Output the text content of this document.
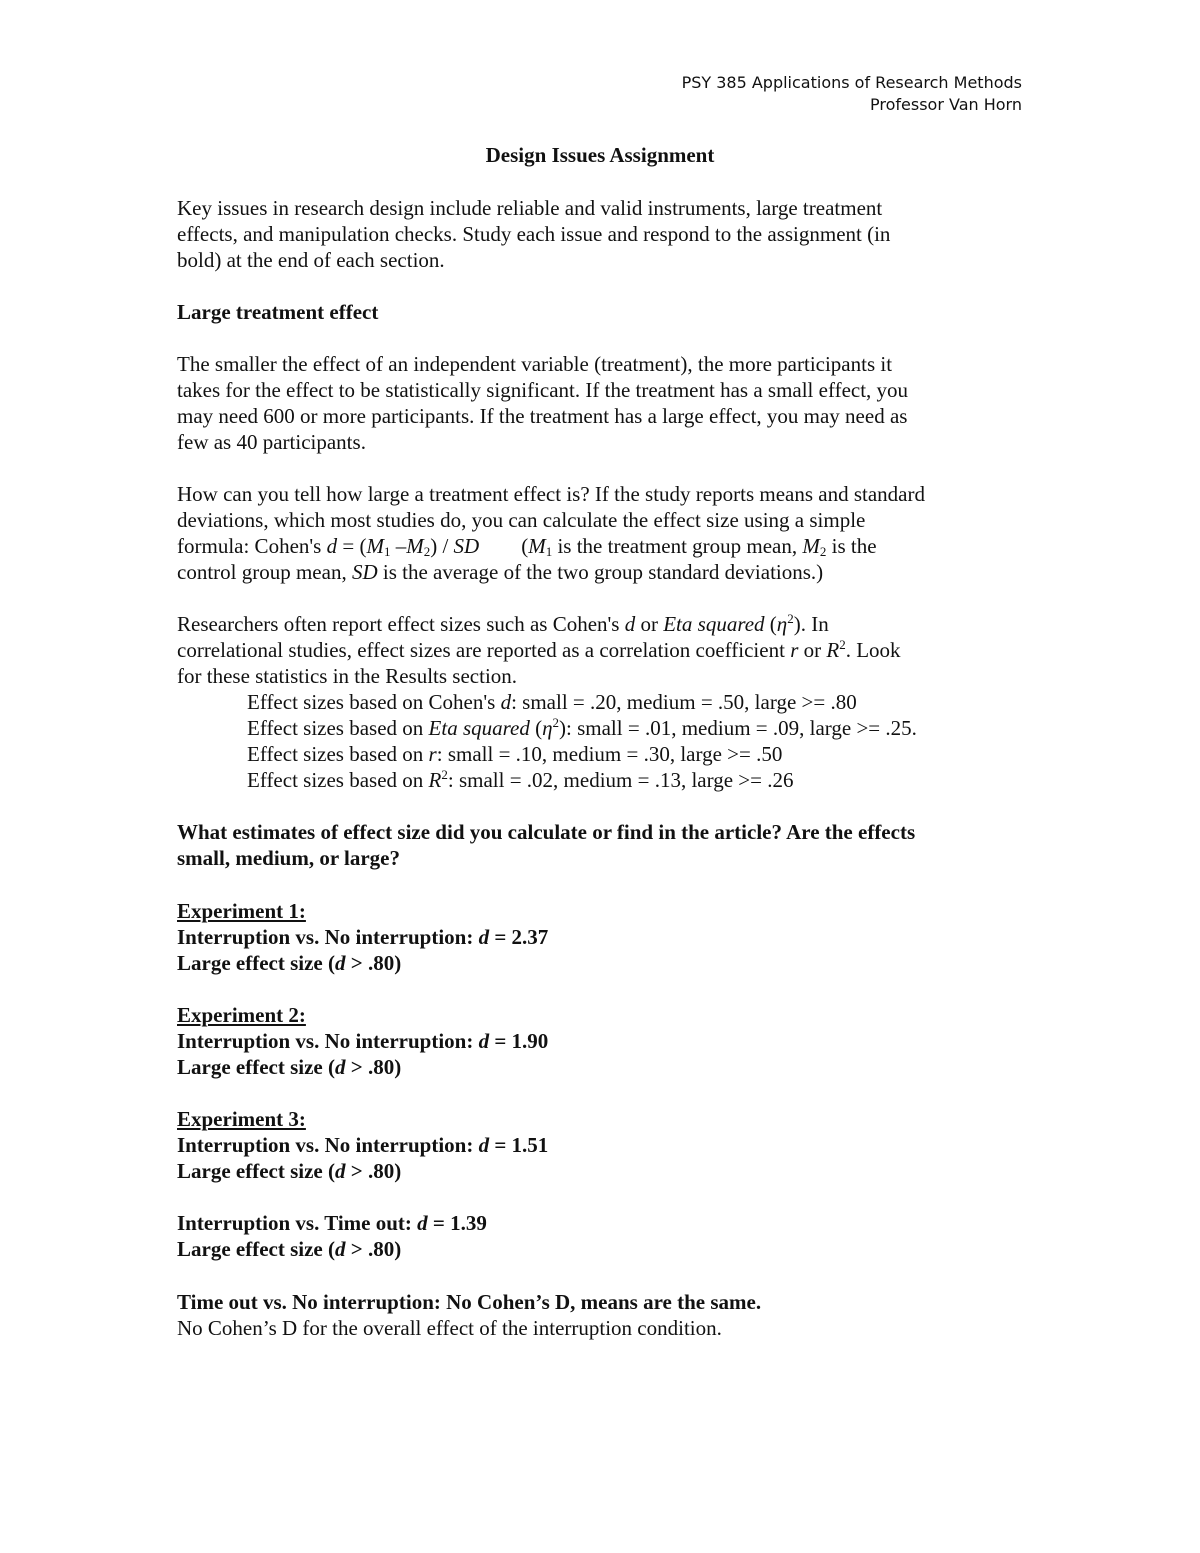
PSY 385 Applications of Research Methods
Professor Van Horn
Design Issues Assignment
Key issues in research design include reliable and valid instruments, large treatment
effects, and manipulation checks. Study each issue and respond to the assignment (in
bold) at the end of each section.
Large treatment effect
The smaller the effect of an independent variable (treatment), the more participants it
takes for the effect to be statistically significant. If the treatment has a small effect, you
may need 600 or more participants. If the treatment has a large effect, you may need as
few as 40 participants.
How can you tell how large a treatment effect is? If the study reports means and standard
deviations, which most studies do, you can calculate the effect size using a simple
formula: Cohen's $d = (M_1$ $-M_2$) / SD ($M_1$ is the treatment group mean, $M_2$ is the
control group mean, SD is the average of the two group standard deviations.)
Researchers often report effect sizes such as Cohen's d or Eta squared $(\eta^2)$. In
correlational studies, effect sizes are reported as a correlation coefficient r or $R^2$. Look
for these statistics in the Results section.
Effect sizes based on Cohen's d: small = .20, medium = .50, large >= .80
Effect sizes based on Eta squared $(\eta^2)$: small = .01, medium = .09, large >= .25.
Effect sizes based on r: small = .10, medium = .30, large >= .50
Effect sizes based on $R^2$: small = .02, medium = .13, large >= .26
What estimates of effect size did you calculate or find in the article? Are the effects
small, medium, or large?
Experiment 1:
Interruption vs. No interruption: d = 2.37
Large effect size (d > .80)
Experiment 2:
Interruption vs. No interruption: d = 1.90
Large effect size (d > .80)
Experiment 3:
Interruption vs. No interruption: d = 1.51
Large effect size (d > .80)
Interruption vs. Time out: d = 1.39
Large effect size (d > .80)
Time out vs. No interruption: No Cohen’s D, means are the same.
No Cohen’s D for the overall effect of the interruption condition.
